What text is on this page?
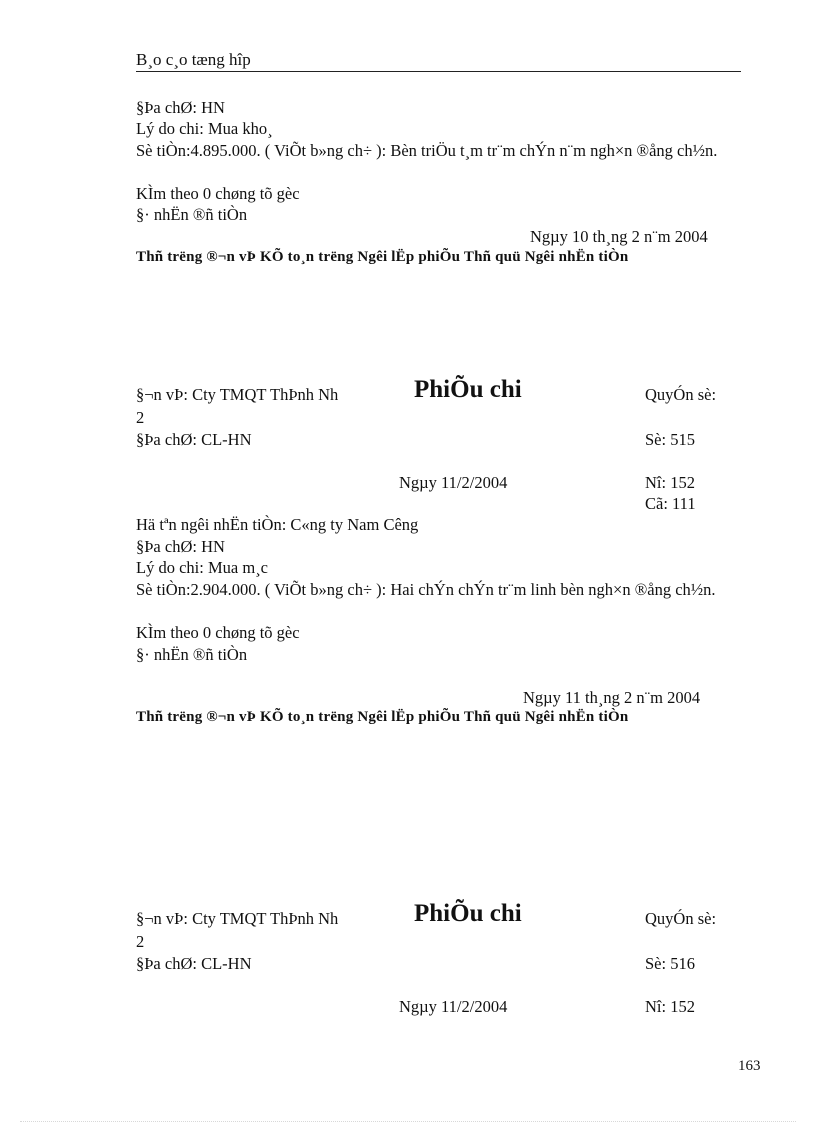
B¸o c¸o tæng hîp
§Þa chØ: HN
Lý do chi: Mua kho¸
Sè tiÒn:4.895.000. ( ViÕt b»ng ch÷ ): Bèn triÖu t¸m tr¨m chÝn n¨m ngh×n ®ång ch½n.
KÌm theo 0 chøng tõ gèc
§· nhËn ®ñ tiÒn
Ngµy 10 th¸ng 2 n¨m 2004
Thñ trëng ®¬n vÞ KÕ to¸n trëng Ngêi lËp phiÕu Thñ quü Ngêi nhËn tiÒn
§¬n vÞ: Cty TMQT ThÞnh Nh	PhiÕu chi	QuyÓn sè:
2
§Þa chØ: CL-HN	Sè: 515
Ngµy 11/2/2004	Nî: 152
Cã: 111
Hä tªn ngêi nhËn tiÒn: C«ng ty Nam Cêng
§Þa chØ: HN
Lý do chi: Mua m¸c
Sè tiÒn:2.904.000. ( ViÕt b»ng ch÷ ): Hai chÝn chÝn tr¨m linh bèn ngh×n ®ång ch½n.
KÌm theo 0 chøng tõ gèc
§· nhËn ®ñ tiÒn
Ngµy 11 th¸ng 2 n¨m 2004
Thñ trëng ®¬n vÞ KÕ to¸n trëng Ngêi lËp phiÕu Thñ quü Ngêi nhËn tiÒn
§¬n vÞ: Cty TMQT ThÞnh Nh	PhiÕu chi	QuyÓn sè:
2
§Þa chØ: CL-HN	Sè: 516
Ngµy 11/2/2004	Nî: 152
163
